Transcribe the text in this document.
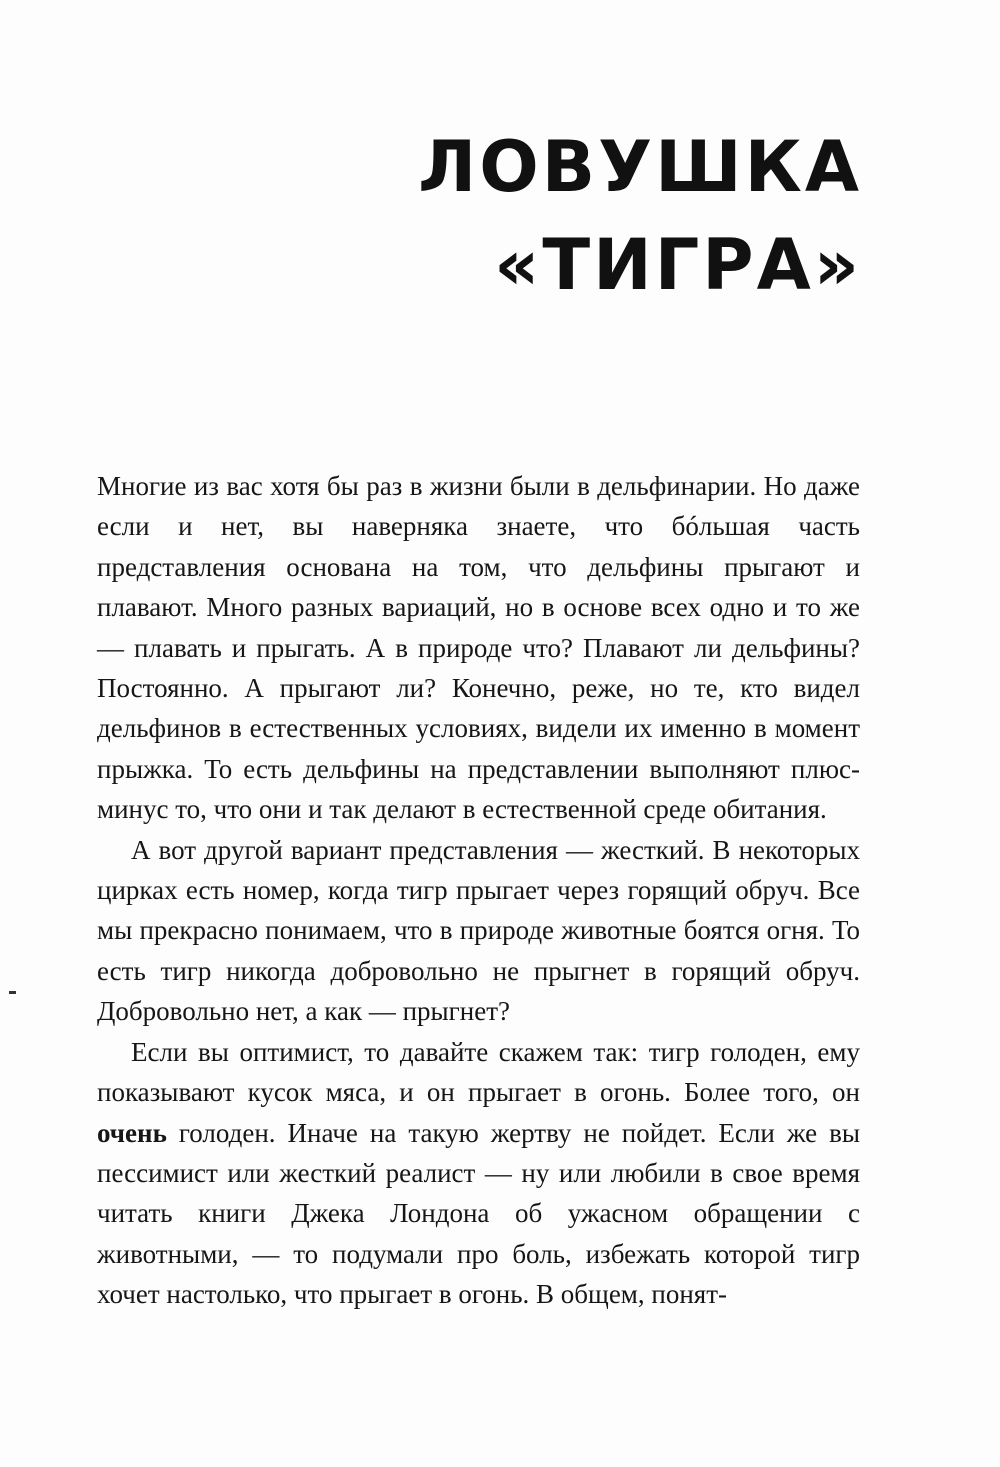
ЛОВУШКА
«ТИГРА»

Многие из вас хотя бы раз в жизни были в дельфинарии. Но даже если и нет, вы наверняка знаете, что бóльшая часть представления основана на том, что дельфины прыгают и плавают. Много разных вариаций, но в основе всех одно и то же — плавать и прыгать. А в природе что? Плавают ли дельфины? Постоянно. А прыгают ли? Конечно, реже, но те, кто видел дельфинов в естественных условиях, видели их именно в момент прыжка. То есть дельфины на представлении выполняют плюс-минус то, что они и так делают в естественной среде обитания.

А вот другой вариант представления — жесткий. В некоторых цирках есть номер, когда тигр прыгает через горящий обруч. Все мы прекрасно понимаем, что в природе животные боятся огня. То есть тигр никогда добровольно не прыгнет в горящий обруч. Добровольно нет, а как — прыгнет?

Если вы оптимист, то давайте скажем так: тигр голоден, ему показывают кусок мяса, и он прыгает в огонь. Более того, он очень голоден. Иначе на такую жертву не пойдет. Если же вы пессимист или жесткий реалист — ну или любили в свое время читать книги Джека Лондона об ужасном обращении с животными, — то подумали про боль, избежать которой тигр хочет настолько, что прыгает в огонь. В общем, понят-
